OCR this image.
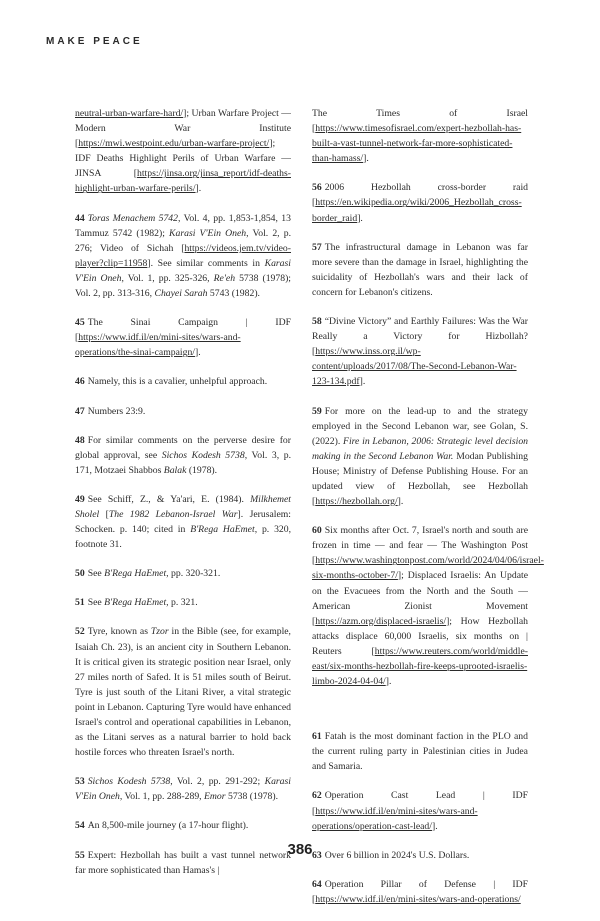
MAKE PEACE

neutral-urban-warfare-hard/]; Urban Warfare Project — Modern War Institute [https://mwi.westpoint.edu/urban-warfare-project/]; IDF Deaths Highlight Perils of Urban Warfare — JINSA [https://jinsa.org/jinsa_report/idf-deaths-highlight-urban-warfare-perils/].

44 Toras Menachem 5742, Vol. 4, pp. 1,853-1,854, 13 Tammuz 5742 (1982); Karasi V'Ein Oneh, Vol. 2, p. 276; Video of Sichah [https://videos.jem.tv/video-player?clip=11958]. See similar comments in Karasi V'Ein Oneh, Vol. 1, pp. 325-326, Re'eh 5738 (1978); Vol. 2, pp. 313-316, Chayei Sarah 5743 (1982).

45 The Sinai Campaign | IDF [https://www.idf.il/en/mini-sites/wars-and-operations/the-sinai-campaign/].

46 Namely, this is a cavalier, unhelpful approach.

47 Numbers 23:9.

48 For similar comments on the perverse desire for global approval, see Sichos Kodesh 5738, Vol. 3, p. 171, Motzaei Shabbos Balak (1978).

49 See Schiff, Z., & Ya'ari, E. (1984). Milkhemet Sholel [The 1982 Lebanon-Israel War]. Jerusalem: Schocken. p. 140; cited in B'Rega HaEmet, p. 320, footnote 31.

50 See B'Rega HaEmet, pp. 320-321.

51 See B'Rega HaEmet, p. 321.

52 Tyre, known as Tzor in the Bible (see, for example, Isaiah Ch. 23), is an ancient city in Southern Lebanon. It is critical given its strategic position near Israel, only 27 miles north of Safed. It is 51 miles south of Beirut. Tyre is just south of the Litani River, a vital strategic point in Lebanon. Capturing Tyre would have enhanced Israel's control and operational capabilities in Lebanon, as the Litani serves as a natural barrier to hold back hostile forces who threaten Israel's north.

53 Sichos Kodesh 5738, Vol. 2, pp. 291-292; Karasi V'Ein Oneh, Vol. 1, pp. 288-289, Emor 5738 (1978).

54 An 8,500-mile journey (a 17-hour flight).

55 Expert: Hezbollah has built a vast tunnel network far more sophisticated than Hamas's |

The Times of Israel [https://www.timesofisrael.com/expert-hezbollah-has-built-a-vast-tunnel-network-far-more-sophisticated-than-hamass/].

56 2006 Hezbollah cross-border raid [https://en.wikipedia.org/wiki/2006_Hezbollah_cross-border_raid].

57 The infrastructural damage in Lebanon was far more severe than the damage in Israel, highlighting the suicidality of Hezbollah's wars and their lack of concern for Lebanon's citizens.

58 “Divine Victory” and Earthly Failures: Was the War Really a Victory for Hizbollah? [https://www.inss.org.il/wp-content/uploads/2017/08/The-Second-Lebanon-War-123-134.pdf].

59 For more on the lead-up to and the strategy employed in the Second Lebanon war, see Golan, S. (2022). Fire in Lebanon, 2006: Strategic level decision making in the Second Lebanon War. Modan Publishing House; Ministry of Defense Publishing House. For an updated view of Hezbollah, see Hezbollah [https://hezbollah.org/].

60 Six months after Oct. 7, Israel's north and south are frozen in time — and fear — The Washington Post [https://www.washingtonpost.com/world/2024/04/06/israel-six-months-october-7/]; Displaced Israelis: An Update on the Evacuees from the North and the South — American Zionist Movement [https://azm.org/displaced-israelis/]; How Hezbollah attacks displace 60,000 Israelis, six months on | Reuters [https://www.reuters.com/world/middle-east/six-months-hezbollah-fire-keeps-uprooted-israelis-limbo-2024-04-04/].

61 Fatah is the most dominant faction in the PLO and the current ruling party in Palestinian cities in Judea and Samaria.

62 Operation Cast Lead | IDF [https://www.idf.il/en/mini-sites/wars-and-operations/operation-cast-lead/].

63 Over 6 billion in 2024's U.S. Dollars.

64 Operation Pillar of Defense | IDF [https://www.idf.il/en/mini-sites/wars-and-operations/

386
